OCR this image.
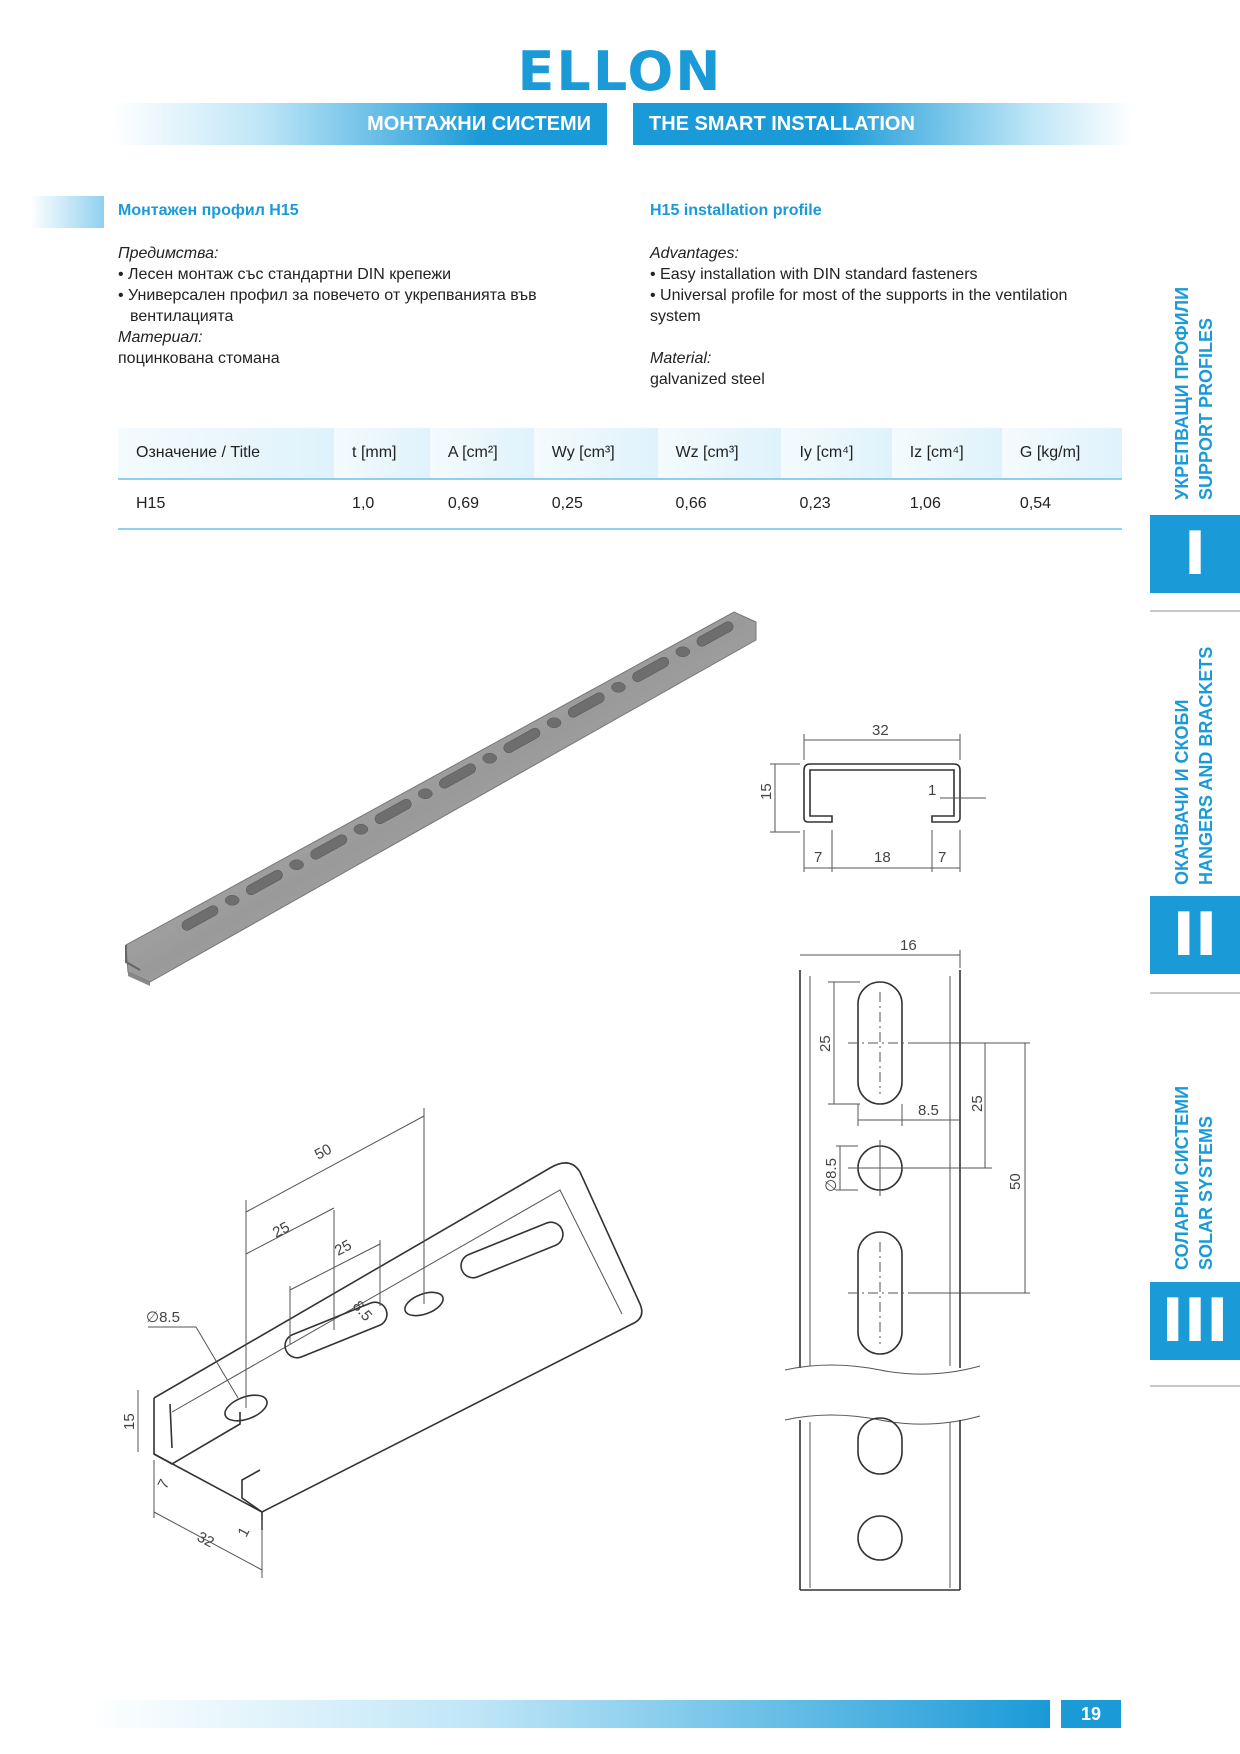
ELLON
МОНТАЖНИ СИСТЕМИ	THE SMART INSTALLATION
Монтажен профил H15
Предимства:
• Лесен монтаж със стандартни DIN крепежи
• Универсален профил за повечето от укрепванията във
вентилацията
Материал:
поцинкована стомана
H15 installation profile
Advantages:
• Easy installation with DIN standard fasteners
• Universal profile for most of the supports in the ventilation
system
Material:
galvanized steel
Означение / Title	t [mm]	A [cm²]	Wy [cm³]	Wz [cm³]	Iy [cm⁴]	Iz [cm⁴]	G [kg/m]
H15	1,0	0,69	0,25	0,66	0,23	1,06	0,54
32
15	1
7	18	7
16
25
8.5 25
50
∅8.5
50
25
25
8.5
∅8.5
15
32 1
7
УКРЕПВАЩИ ПРОФИЛИ SUPPORT PROFILES
I
ОКАЧВАЧИ И СКОБИ HANGERS AND BRACKETS
II
СОЛАРНИ СИСТЕМИ SOLAR SYSTEMS
III
19
